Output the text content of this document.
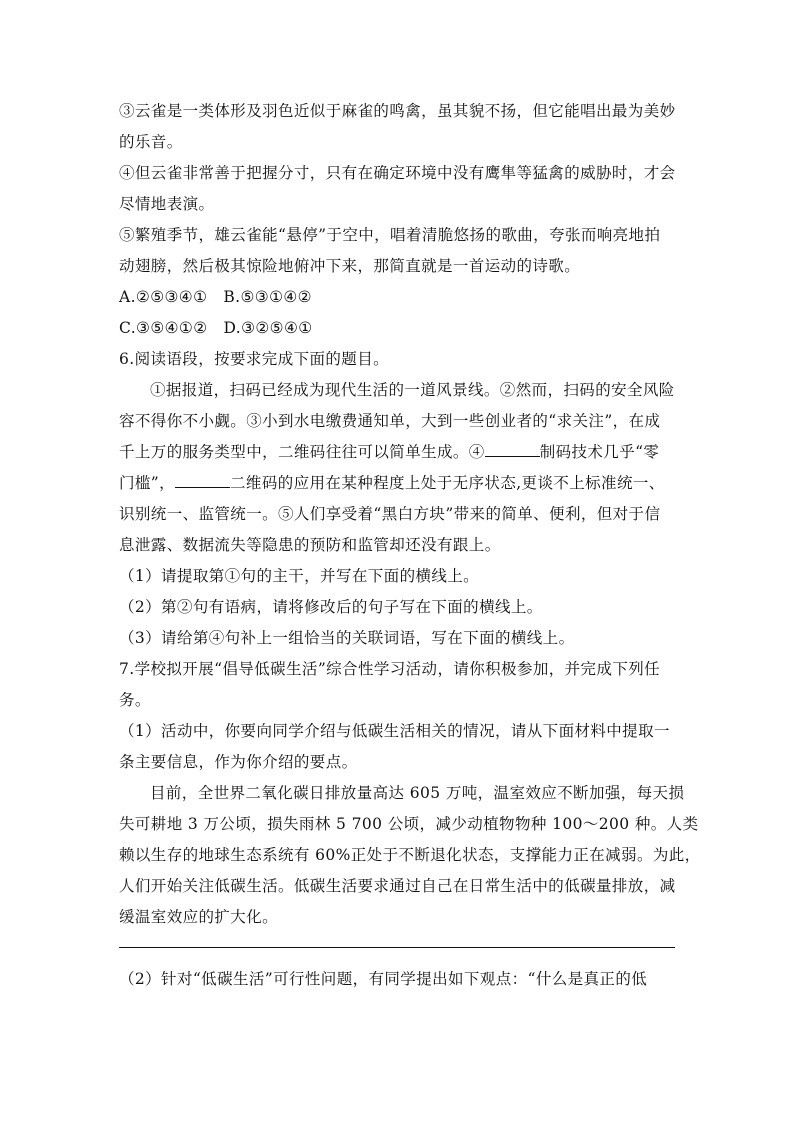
③云雀是一类体形及羽色近似于麻雀的鸣禽，虽其貌不扬，但它能唱出最为美妙
的乐音。
④但云雀非常善于把握分寸，只有在确定环境中没有鹰隼等猛禽的威胁时，才会
尽情地表演。
⑤繁殖季节，雄云雀能“悬停”于空中，唱着清脆悠扬的歌曲，夸张而响亮地拍
动翅膀，然后极其惊险地俯冲下来，那简直就是一首运动的诗歌。
A.②⑤③④①   B.⑤③①④②
C.③⑤④①②   D.③②⑤④①
6.阅读语段，按要求完成下面的题目。
①据报道，扫码已经成为现代生活的一道风景线。②然而，扫码的安全风险
容不得你不小觑。③小到水电缴费通知单，大到一些创业者的“求关注”，在成
千上万的服务类型中，二维码往往可以简单生成。④	制码技术几乎“零
门槛”，	二维码的应用在某种程度上处于无序状态,更谈不上标准统一、
识别统一、监管统一。⑤人们享受着“黑白方块”带来的简单、便利，但对于信
息泄露、数据流失等隐患的预防和监管却还没有跟上。
（1）请提取第①句的主干，并写在下面的横线上。
（2）第②句有语病，请将修改后的句子写在下面的横线上。
（3）请给第④句补上一组恰当的关联词语，写在下面的横线上。
7.学校拟开展“倡导低碳生活”综合性学习活动，请你积极参加，并完成下列任
务。
（1）活动中，你要向同学介绍与低碳生活相关的情况，请从下面材料中提取一
条主要信息，作为你介绍的要点。
目前，全世界二氧化碳日排放量高达 605 万吨，温室效应不断加强，每天损
失可耕地 3 万公顷，损失雨林 5 700 公顷，减少动植物物种 100～200 种。人类
赖以生存的地球生态系统有 60%正处于不断退化状态，支撑能力正在减弱。为此，
人们开始关注低碳生活。低碳生活要求通过自己在日常生活中的低碳量排放，减
缓温室效应的扩大化。
（2）针对“低碳生活”可行性问题，有同学提出如下观点：“什么是真正的低
